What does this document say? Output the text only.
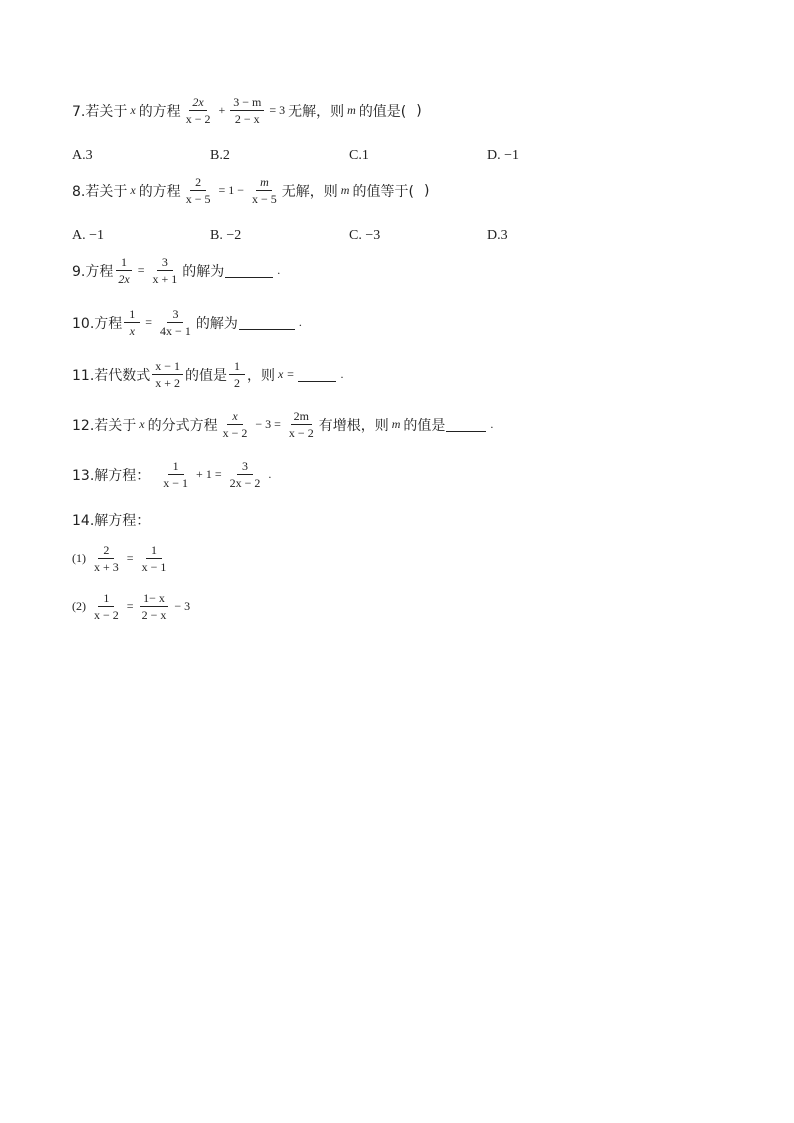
7.若关于 x 的方程 $\frac{2x}{x - 2} + \frac{3 - m}{2 - x} = 3$ 无解，则 m 的值是( )
A.3	B.2	C.1	D. −1
8.若关于 x 的方程 $\frac{2}{x - 5} = 1 - \frac{m}{x - 5}$ 无解，则 m 的值等于( )
A. −1	B. −2	C. −3	D.3
9.方程 $\frac{1}{2x} = \frac{3}{x + 1}$ 的解为	.
10.方程 $\frac{1}{x} = \frac{3}{4x - 1}$ 的解为	.
11.若代数式 $\frac{x - 1}{x + 2}$ 的值是 $\frac{1}{2}$ ，则 x =	.
12.若关于 x 的分式方程 $\frac{x}{x - 2} - 3 = \frac{2m}{x - 2}$ 有增根，则 m 的值是	.
13.解方程： $\frac{1}{x - 1} + 1 = \frac{3}{2x - 2}$ .
14.解方程：
$(1) \frac{2}{x + 3} = \frac{1}{x - 1}$
$(2) \frac{1}{x - 2} = \frac{1- x}{2 - x} - 3$
